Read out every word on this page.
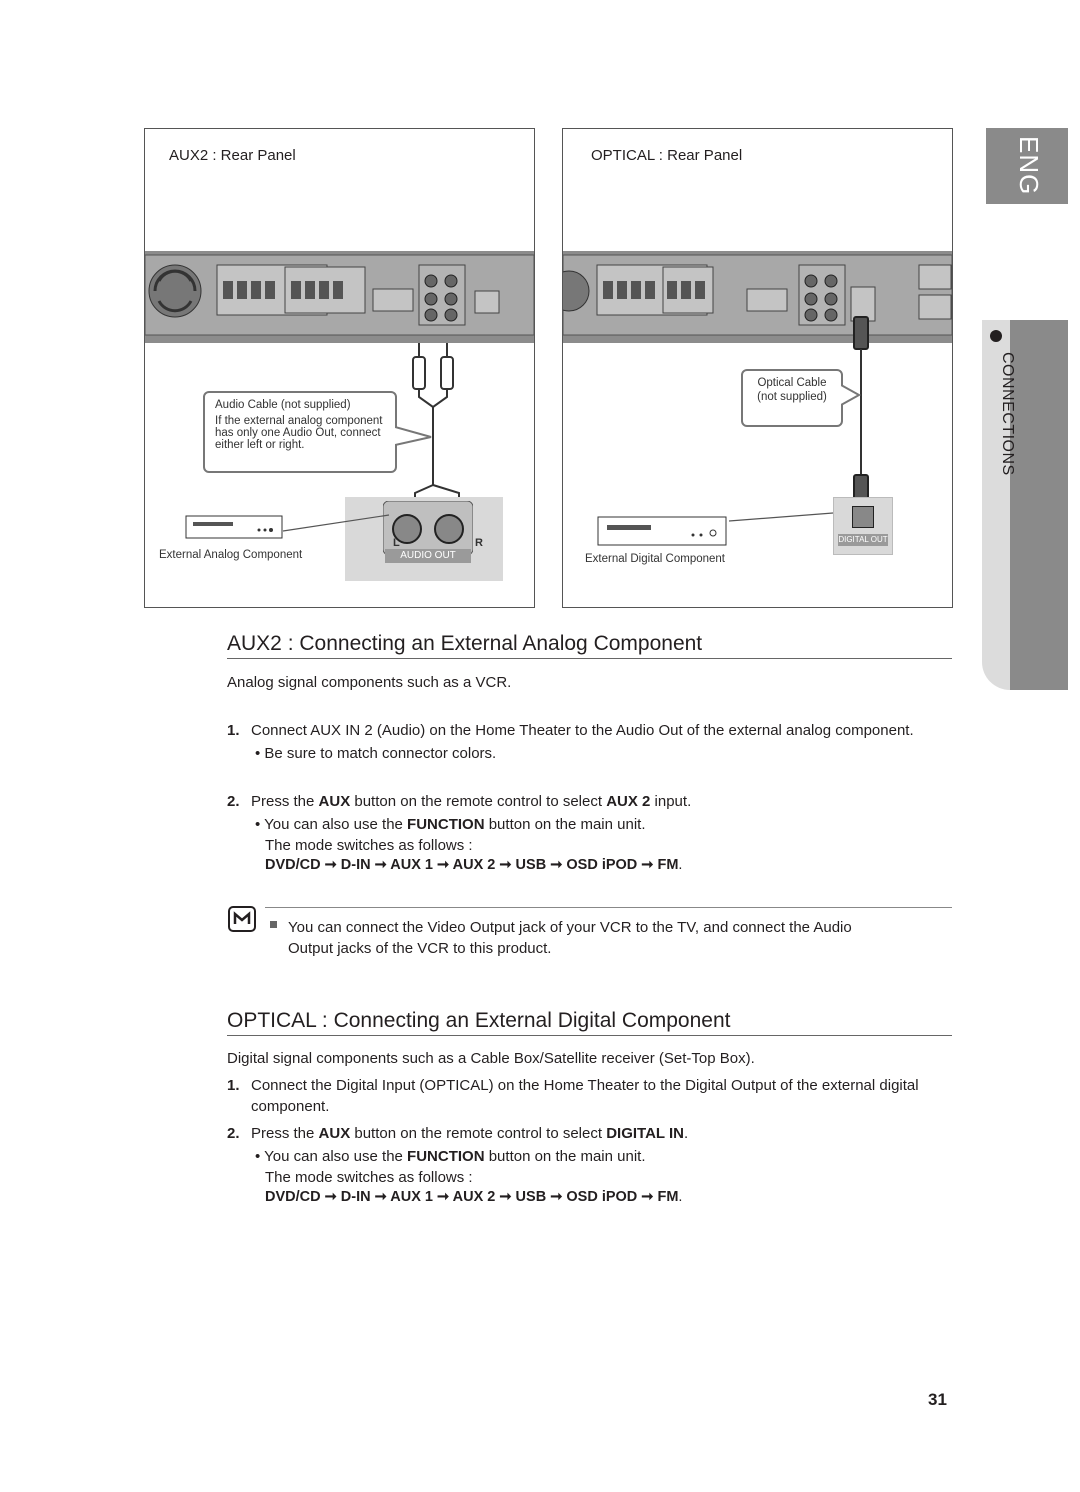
ENG
CONNECTIONS
AUX2 : Rear Panel
Audio Cable (not supplied)
If the external analog component
has only one Audio Out, connect
either left or right.
L	R
AUDIO OUT
External Analog Component
OPTICAL : Rear Panel
Optical Cable
(not supplied)
DIGITAL OUT
External Digital Component
AUX2 : Connecting an External Analog Component
Analog signal components such as a VCR.
1. Connect AUX IN 2 (Audio) on the Home Theater to the Audio Out of the external analog component.
• Be sure to match connector colors.
2. Press the AUX button on the remote control to select AUX 2 input.
• You can also use the FUNCTION button on the main unit.
The mode switches as follows :
DVD/CD ➞ D-IN ➞ AUX 1 ➞ AUX 2 ➞ USB ➞ OSD iPOD ➞ FM.
You can connect the Video Output jack of your VCR to the TV, and connect the Audio
Output jacks of the VCR to this product.
OPTICAL : Connecting an External Digital Component
Digital signal components such as a Cable Box/Satellite receiver (Set-Top Box).
1. Connect the Digital Input (OPTICAL) on the Home Theater to the Digital Output of the external digital
component.
2. Press the AUX button on the remote control to select DIGITAL IN.
• You can also use the FUNCTION button on the main unit.
The mode switches as follows :
DVD/CD ➞ D-IN ➞ AUX 1 ➞ AUX 2 ➞ USB ➞ OSD iPOD ➞ FM.
31
